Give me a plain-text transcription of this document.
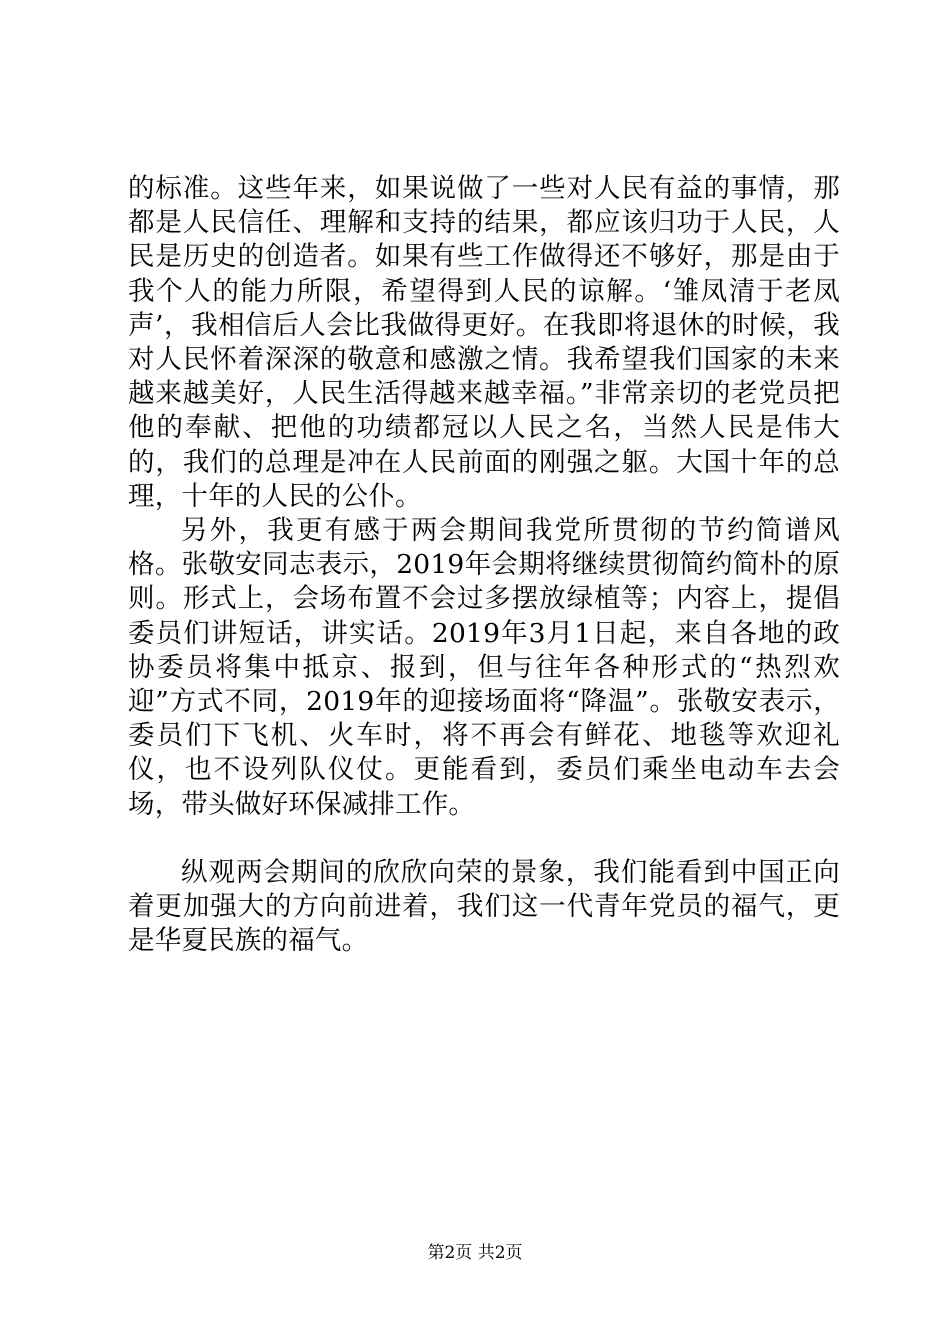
的标准。这些年来，如果说做了一些对人民有益的事情，那都是人民信任、理解和支持的结果，都应该归功于人民，人民是历史的创造者。如果有些工作做得还不够好，那是由于我个人的能力所限，希望得到人民的谅解。‘雏凤清于老凤声’，我相信后人会比我做得更好。在我即将退休的时候，我对人民怀着深深的敬意和感激之情。我希望我们国家的未来越来越美好，人民生活得越来越幸福。”非常亲切的老党员把他的奉献、把他的功绩都冠以人民之名，当然人民是伟大的，我们的总理是冲在人民前面的刚强之躯。大国十年的总理，十年的人民的公仆。

另外，我更有感于两会期间我党所贯彻的节约简谱风格。张敬安同志表示，2019年会期将继续贯彻简约简朴的原则。形式上，会场布置不会过多摆放绿植等；内容上，提倡委员们讲短话，讲实话。2019年3月1日起，来自各地的政协委员将集中抵京、报到，但与往年各种形式的“热烈欢迎”方式不同，2019年的迎接场面将“降温”。张敬安表示，委员们下飞机、火车时，将不再会有鲜花、地毯等欢迎礼仪，也不设列队仪仗。更能看到，委员们乘坐电动车去会场，带头做好环保减排工作。

纵观两会期间的欣欣向荣的景象，我们能看到中国正向着更加强大的方向前进着，我们这一代青年党员的福气，更是华夏民族的福气。

第2页 共2页
